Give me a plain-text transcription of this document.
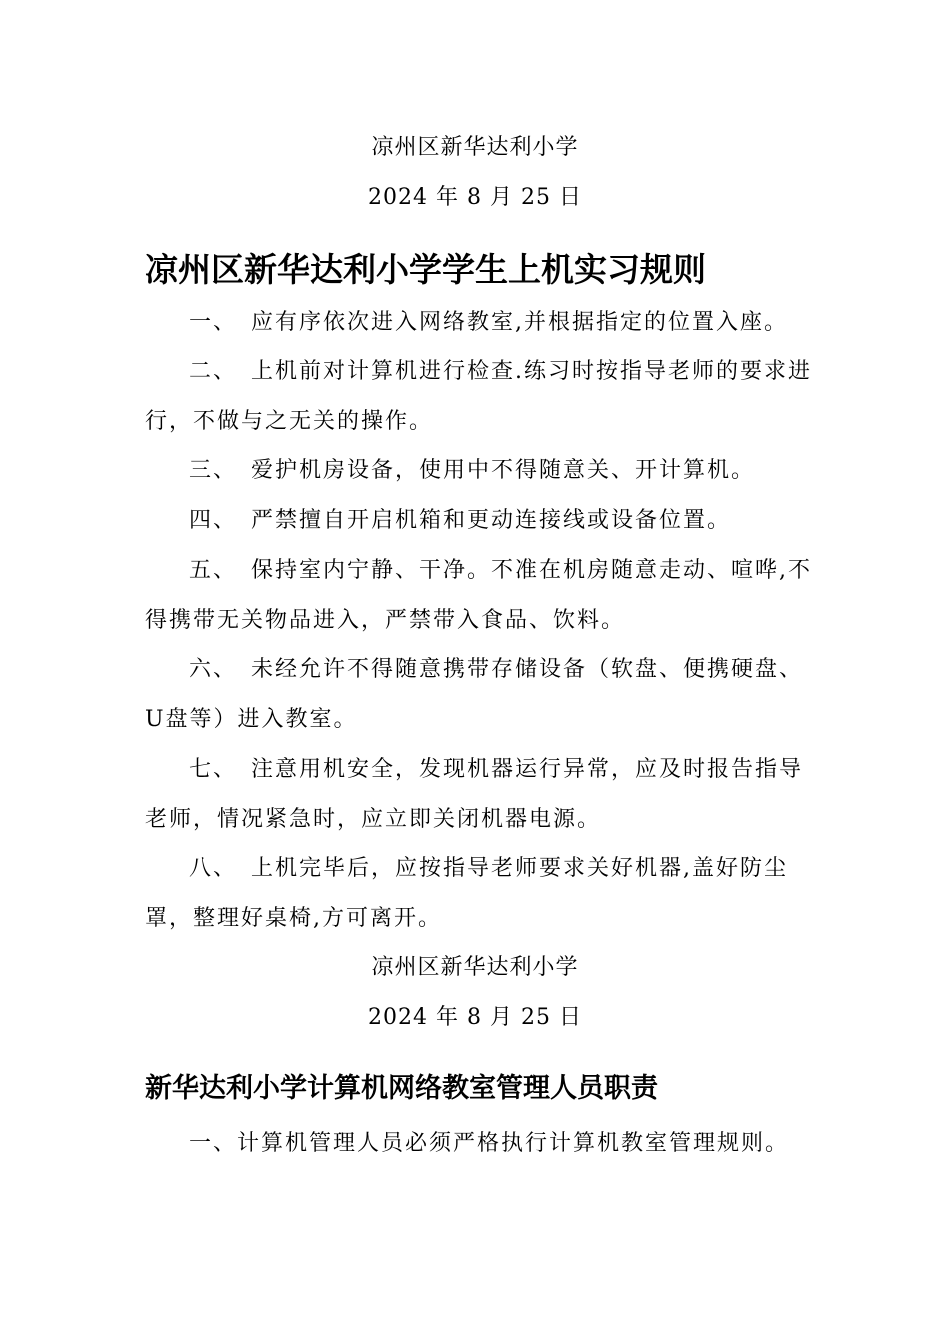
凉州区新华达利小学
2024 年 8 月 25 日
凉州区新华达利小学学生上机实习规则

一、 应有序依次进入网络教室,并根据指定的位置入座。

二、 上机前对计算机进行检查.练习时按指导老师的要求进行，不做与之无关的操作。

三、 爱护机房设备，使用中不得随意关、开计算机。

四、 严禁擅自开启机箱和更动连接线或设备位置。

五、 保持室内宁静、干净。不准在机房随意走动、喧哗,不得携带无关物品进入，严禁带入食品、饮料。

六、 未经允许不得随意携带存储设备（软盘、便携硬盘、U盘等）进入教室。

七、 注意用机安全，发现机器运行异常，应及时报告指导老师，情况紧急时，应立即关闭机器电源。

八、 上机完毕后，应按指导老师要求关好机器,盖好防尘罩，整理好桌椅,方可离开。

凉州区新华达利小学
2024 年 8 月 25 日
新华达利小学计算机网络教室管理人员职责

一、计算机管理人员必须严格执行计算机教室管理规则。
